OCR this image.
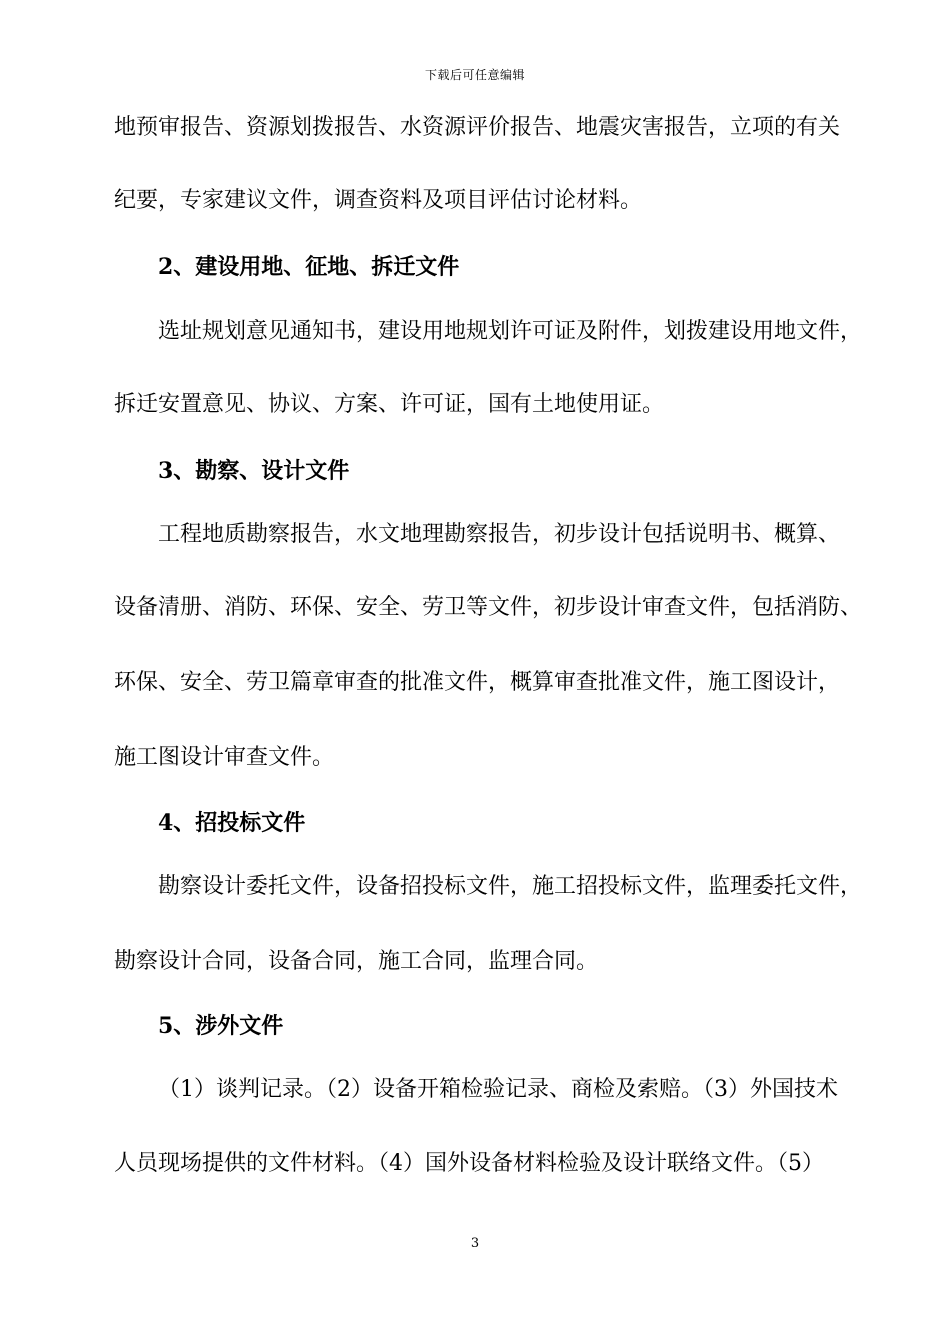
下载后可任意编辑
地预审报告、资源划拨报告、水资源评价报告、地震灾害报告，立项的有关
纪要，专家建议文件，调查资料及项目评估讨论材料。
2、建设用地、征地、拆迁文件
选址规划意见通知书，建设用地规划许可证及附件，划拨建设用地文件，
拆迁安置意见、协议、方案、许可证，国有土地使用证。
3、勘察、设计文件
工程地质勘察报告，水文地理勘察报告，初步设计包括说明书、概算、
设备清册、消防、环保、安全、劳卫等文件，初步设计审查文件，包括消防、
环保、安全、劳卫篇章审查的批准文件，概算审查批准文件，施工图设计，
施工图设计审查文件。
4、招投标文件
勘察设计委托文件，设备招投标文件，施工招投标文件，监理委托文件，
勘察设计合同，设备合同，施工合同，监理合同。
5、涉外文件
（1）谈判记录。（2）设备开箱检验记录、商检及索赔。（3）外国技术
人员现场提供的文件材料。（4）国外设备材料检验及设计联络文件。（5）
3
